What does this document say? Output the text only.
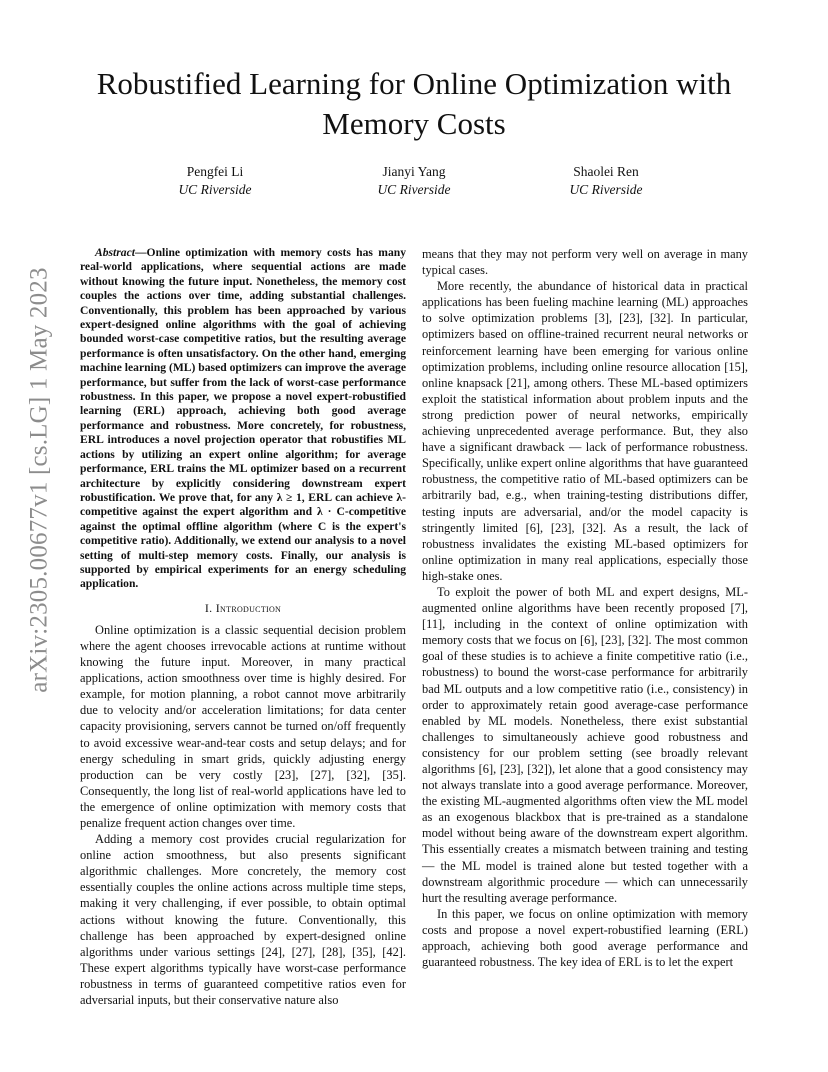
arXiv:2305.00677v1 [cs.LG] 1 May 2023
Robustified Learning for Online Optimization with Memory Costs
Pengfei Li
UC Riverside
Jianyi Yang
UC Riverside
Shaolei Ren
UC Riverside

Abstract—Online optimization with memory costs has many real-world applications, where sequential actions are made without knowing the future input. Nonetheless, the memory cost couples the actions over time, adding substantial challenges. Conventionally, this problem has been approached by various expert-designed online algorithms with the goal of achieving bounded worst-case competitive ratios, but the resulting average performance is often unsatisfactory. On the other hand, emerging machine learning (ML) based optimizers can improve the average performance, but suffer from the lack of worst-case performance robustness. In this paper, we propose a novel expert-robustified learning (ERL) approach, achieving both good average performance and robustness. More concretely, for robustness, ERL introduces a novel projection operator that robustifies ML actions by utilizing an expert online algorithm; for average performance, ERL trains the ML optimizer based on a recurrent architecture by explicitly considering downstream expert robustification. We prove that, for any λ ≥ 1, ERL can achieve λ-competitive against the expert algorithm and λ · C-competitive against the optimal offline algorithm (where C is the expert's competitive ratio). Additionally, we extend our analysis to a novel setting of multi-step memory costs. Finally, our analysis is supported by empirical experiments for an energy scheduling application.

I. Introduction

Online optimization is a classic sequential decision problem where the agent chooses irrevocable actions at runtime without knowing the future input. Moreover, in many practical applications, action smoothness over time is highly desired. For example, for motion planning, a robot cannot move arbitrarily due to velocity and/or acceleration limitations; for data center capacity provisioning, servers cannot be turned on/off frequently to avoid excessive wear-and-tear costs and setup delays; and for energy scheduling in smart grids, quickly adjusting energy production can be very costly [23], [27], [32], [35]. Consequently, the long list of real-world applications have led to the emergence of online optimization with memory costs that penalize frequent action changes over time.

Adding a memory cost provides crucial regularization for online action smoothness, but also presents significant algorithmic challenges. More concretely, the memory cost essentially couples the online actions across multiple time steps, making it very challenging, if ever possible, to obtain optimal actions without knowing the future. Conventionally, this challenge has been approached by expert-designed online algorithms under various settings [24], [27], [28], [35], [42]. These expert algorithms typically have worst-case performance robustness in terms of guaranteed competitive ratios even for adversarial inputs, but their conservative nature also

means that they may not perform very well on average in many typical cases.

More recently, the abundance of historical data in practical applications has been fueling machine learning (ML) approaches to solve optimization problems [3], [23], [32]. In particular, optimizers based on offline-trained recurrent neural networks or reinforcement learning have been emerging for various online optimization problems, including online resource allocation [15], online knapsack [21], among others. These ML-based optimizers exploit the statistical information about problem inputs and the strong prediction power of neural networks, empirically achieving unprecedented average performance. But, they also have a significant drawback — lack of performance robustness. Specifically, unlike expert online algorithms that have guaranteed robustness, the competitive ratio of ML-based optimizers can be arbitrarily bad, e.g., when training-testing distributions differ, testing inputs are adversarial, and/or the model capacity is stringently limited [6], [23], [32]. As a result, the lack of robustness invalidates the existing ML-based optimizers for online optimization in many real applications, especially those high-stake ones.

To exploit the power of both ML and expert designs, ML-augmented online algorithms have been recently proposed [7], [11], including in the context of online optimization with memory costs that we focus on [6], [23], [32]. The most common goal of these studies is to achieve a finite competitive ratio (i.e., robustness) to bound the worst-case performance for arbitrarily bad ML outputs and a low competitive ratio (i.e., consistency) in order to approximately retain good average-case performance enabled by ML models. Nonetheless, there exist substantial challenges to simultaneously achieve good robustness and consistency for our problem setting (see broadly relevant algorithms [6], [23], [32]), let alone that a good consistency may not always translate into a good average performance. Moreover, the existing ML-augmented algorithms often view the ML model as an exogenous blackbox that is pre-trained as a standalone model without being aware of the downstream expert algorithm. This essentially creates a mismatch between training and testing — the ML model is trained alone but tested together with a downstream algorithmic procedure — which can unnecessarily hurt the resulting average performance.

In this paper, we focus on online optimization with memory costs and propose a novel expert-robustified learning (ERL) approach, achieving both good average performance and guaranteed robustness. The key idea of ERL is to let the expert
